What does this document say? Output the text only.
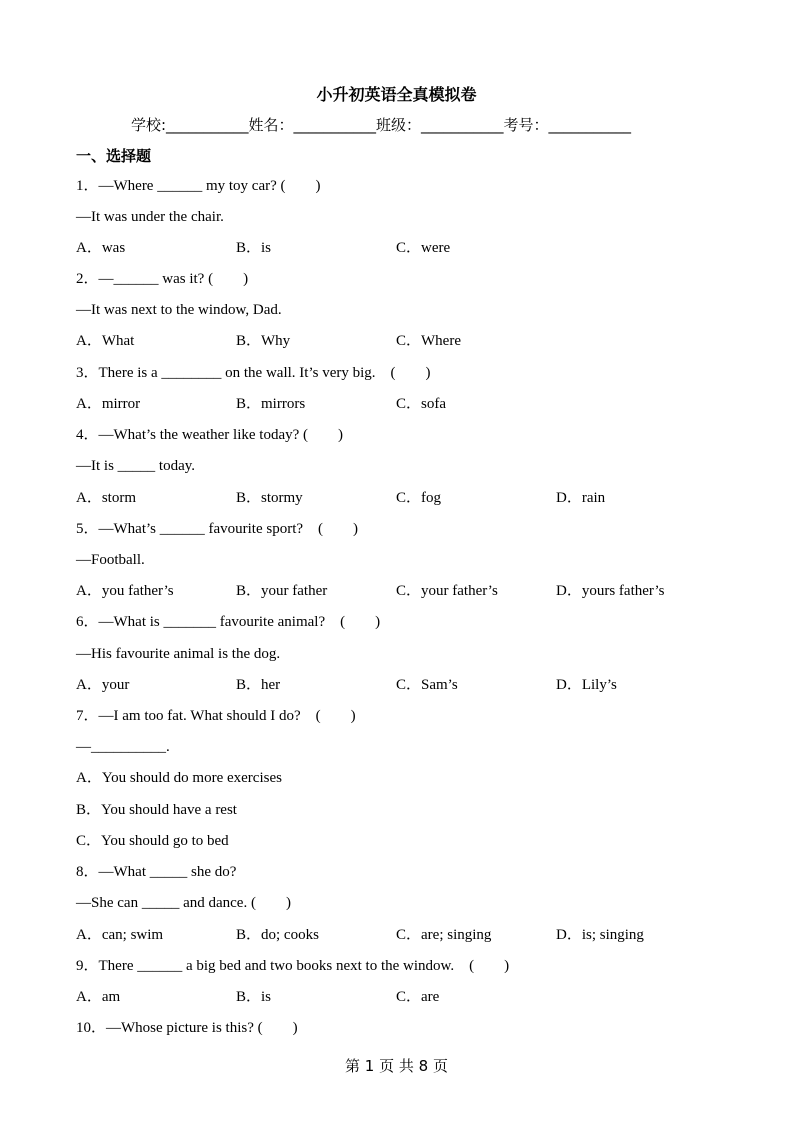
小升初英语全真模拟卷
学校:___________姓名：___________班级：___________考号：___________
一、选择题
1．—Where ______ my toy car? (　　)
—It was under the chair.
A．was	B．is	C．were
2．—______ was it? (　　)
—It was next to the window, Dad.
A．What	B．Why	C．Where
3．There is a ________ on the wall. It’s very big.　(　　)
A．mirror	B．mirrors	C．sofa
4．—What’s the weather like today? (　　)
—It is _____ today.
A．storm	B．stormy	C．fog	D．rain
5．—What’s ______ favourite sport?　(　　)
—Football.
A．you father’s	B．your father	C．your father’s	D．yours father’s
6．—What is _______ favourite animal?　(　　)
—His favourite animal is the dog.
A．your	B．her	C．Sam’s	D．Lily’s
7．—I am too fat. What should I do?　(　　)
—__________.
A．You should do more exercises
B．You should have a rest
C．You should go to bed
8．—What _____ she do?
—She can _____ and dance. (　　)
A．can; swim	B．do; cooks	C．are; singing	D．is; singing
9．There ______ a big bed and two books next to the window.　(　　)
A．am	B．is	C．are
10．—Whose picture is this? (　　)
第 1 页 共 8 页
